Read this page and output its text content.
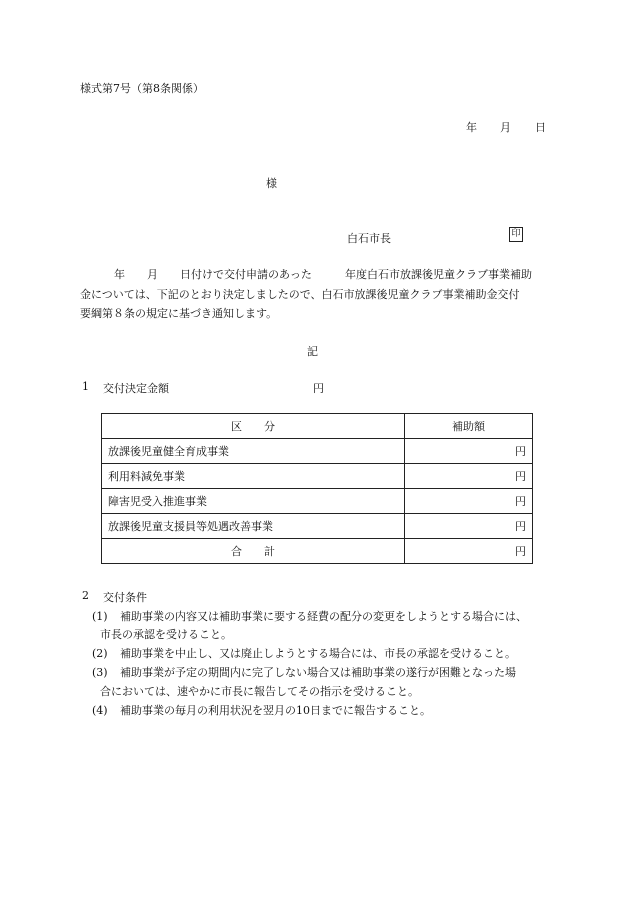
様式第7号（第8条関係）
年 月 日
様
白石市長	印
年 月 日付けで交付申請のあった	年度白石市放課後児童クラブ事業補助
金については、下記のとおり決定しましたので、白石市放課後児童クラブ事業補助金交付
要綱第８条の規定に基づき通知します。
記
1 交付決定金額	円
区　　分	補助額
放課後児童健全育成事業	円
利用料減免事業	円
障害児受入推進事業	円
放課後児童支援員等処遇改善事業	円
合　　計	円
2 交付条件
(1) 補助事業の内容又は補助事業に要する経費の配分の変更をしようとする場合には、
市長の承認を受けること。
(2) 補助事業を中止し、又は廃止しようとする場合には、市長の承認を受けること。
(3) 補助事業が予定の期間内に完了しない場合又は補助事業の遂行が困難となった場
合においては、速やかに市長に報告してその指示を受けること。
(4) 補助事業の毎月の利用状況を翌月の10日までに報告すること。
